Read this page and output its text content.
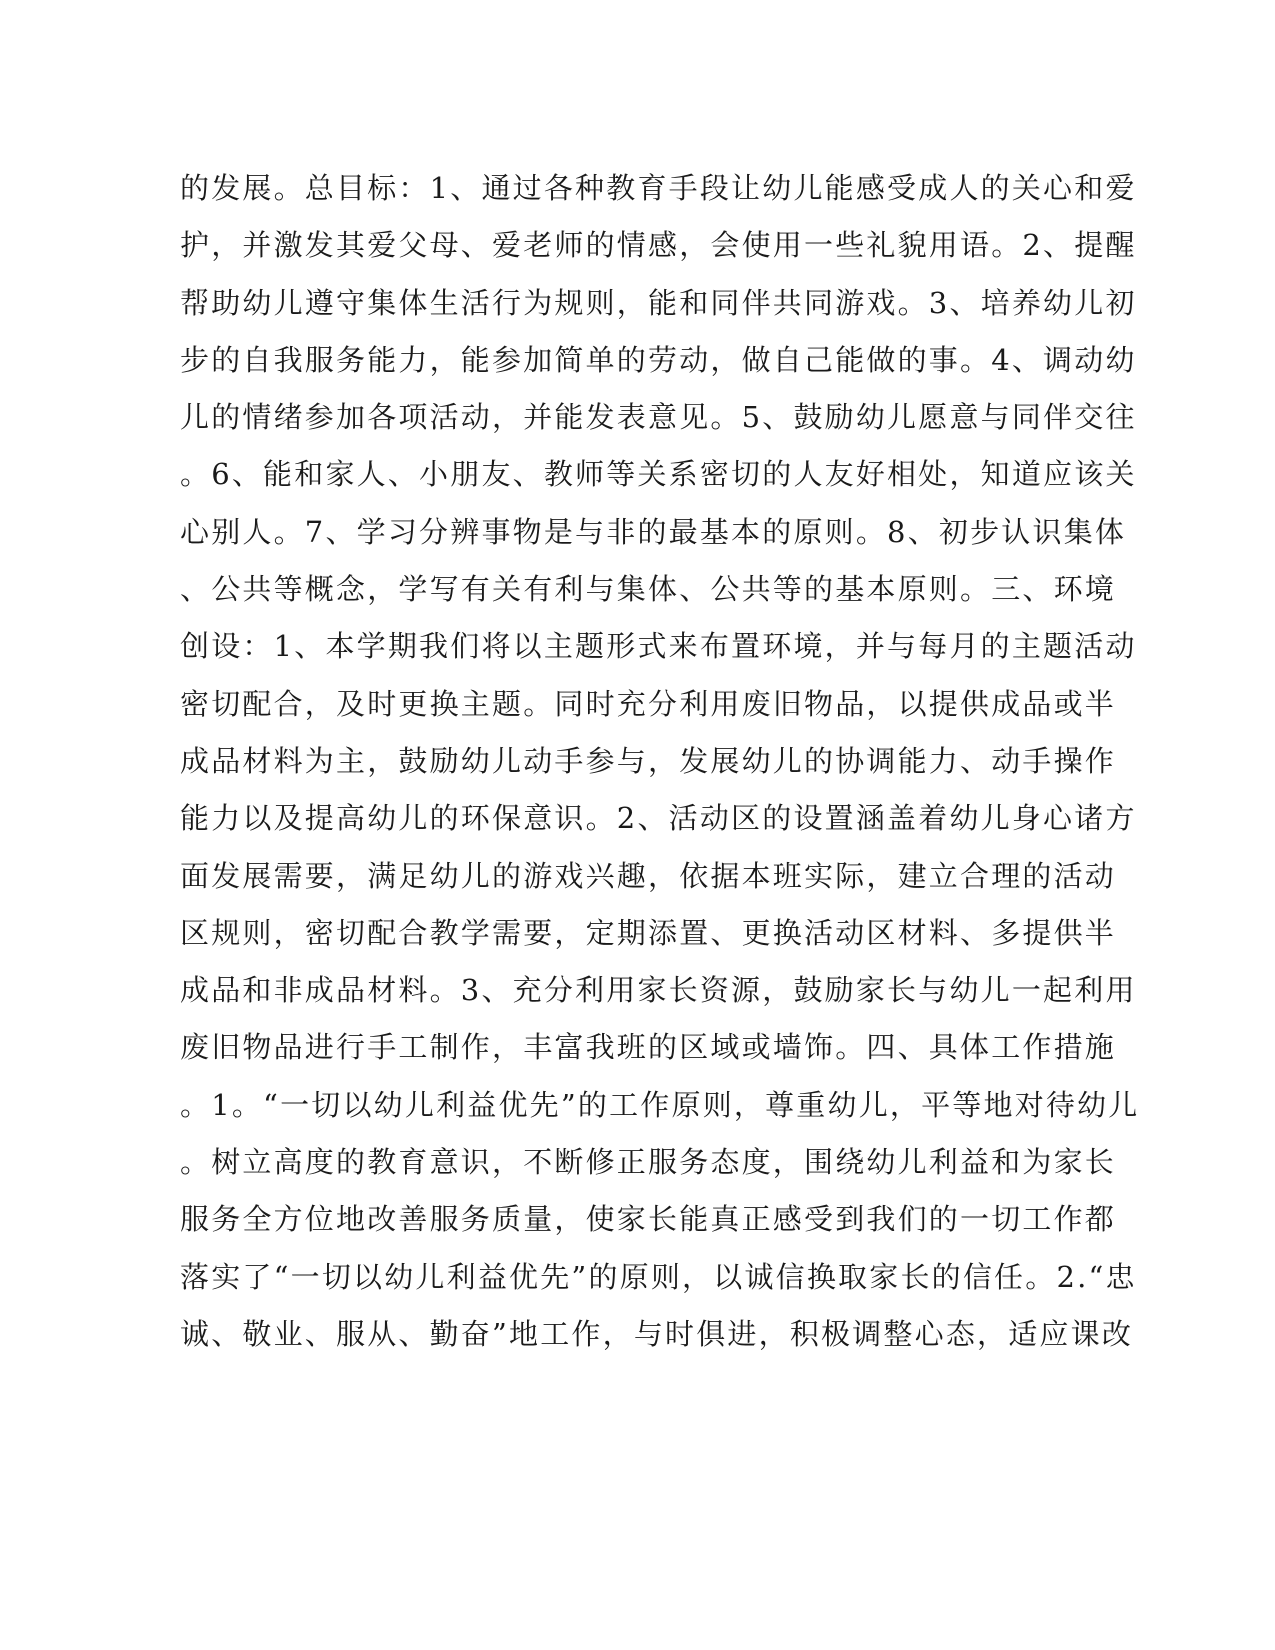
的发展。总目标：1、通过各种教育手段让幼儿能感受成人的关心和爱
护，并激发其爱父母、爱老师的情感，会使用一些礼貌用语。2、提醒
帮助幼儿遵守集体生活行为规则，能和同伴共同游戏。3、培养幼儿初
步的自我服务能力，能参加简单的劳动，做自己能做的事。4、调动幼
儿的情绪参加各项活动，并能发表意见。5、鼓励幼儿愿意与同伴交往
。6、能和家人、小朋友、教师等关系密切的人友好相处，知道应该关
心别人。7、学习分辨事物是与非的最基本的原则。8、初步认识集体
、公共等概念，学写有关有利与集体、公共等的基本原则。三、环境
创设：1、本学期我们将以主题形式来布置环境，并与每月的主题活动
密切配合，及时更换主题。同时充分利用废旧物品，以提供成品或半
成品材料为主，鼓励幼儿动手参与，发展幼儿的协调能力、动手操作
能力以及提高幼儿的环保意识。2、活动区的设置涵盖着幼儿身心诸方
面发展需要，满足幼儿的游戏兴趣，依据本班实际，建立合理的活动
区规则，密切配合教学需要，定期添置、更换活动区材料、多提供半
成品和非成品材料。3、充分利用家长资源，鼓励家长与幼儿一起利用
废旧物品进行手工制作，丰富我班的区域或墙饰。四、具体工作措施
。1。“一切以幼儿利益优先”的工作原则，尊重幼儿，平等地对待幼儿
。树立高度的教育意识，不断修正服务态度，围绕幼儿利益和为家长
服务全方位地改善服务质量，使家长能真正感受到我们的一切工作都
落实了“一切以幼儿利益优先”的原则，以诚信换取家长的信任。2.“忠
诚、敬业、服从、勤奋”地工作，与时俱进，积极调整心态，适应课改
